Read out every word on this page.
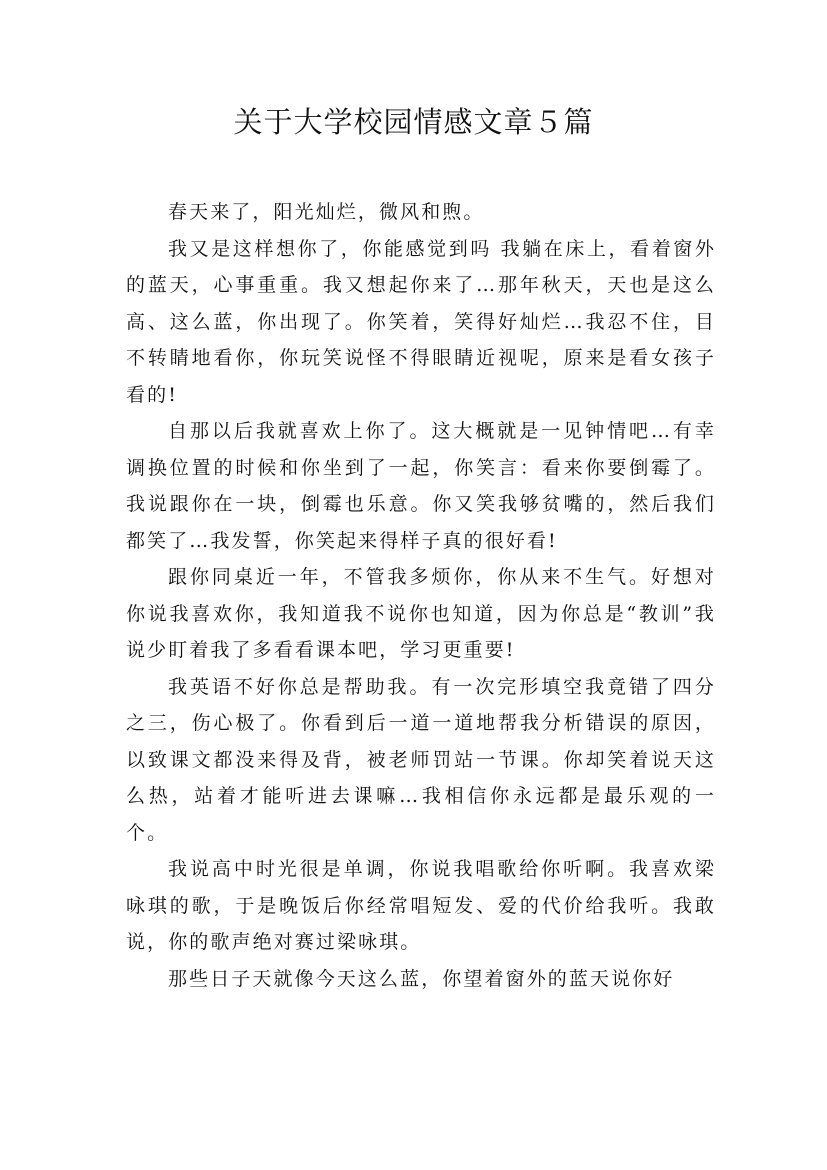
关于大学校园情感文章５篇

春天来了，阳光灿烂，微风和煦。

我又是这样想你了，你能感觉到吗 我躺在床上，看着窗外的蓝天，心事重重。我又想起你来了…那年秋天，天也是这么高、这么蓝，你出现了。你笑着，笑得好灿烂…我忍不住，目不转睛地看你，你玩笑说怪不得眼睛近视呢，原来是看女孩子看的!

自那以后我就喜欢上你了。这大概就是一见钟情吧…有幸调换位置的时候和你坐到了一起，你笑言：看来你要倒霉了。我说跟你在一块，倒霉也乐意。你又笑我够贫嘴的，然后我们都笑了…我发誓，你笑起来得样子真的很好看!

跟你同桌近一年，不管我多烦你，你从来不生气。好想对你说我喜欢你，我知道我不说你也知道，因为你总是“教训”我说少盯着我了多看看课本吧，学习更重要!

我英语不好你总是帮助我。有一次完形填空我竟错了四分之三，伤心极了。你看到后一道一道地帮我分析错误的原因，以致课文都没来得及背，被老师罚站一节课。你却笑着说天这么热，站着才能听进去课嘛…我相信你永远都是最乐观的一个。

我说高中时光很是单调，你说我唱歌给你听啊。我喜欢梁咏琪的歌，于是晚饭后你经常唱短发、爱的代价给我听。我敢说，你的歌声绝对赛过梁咏琪。

那些日子天就像今天这么蓝，你望着窗外的蓝天说你好
